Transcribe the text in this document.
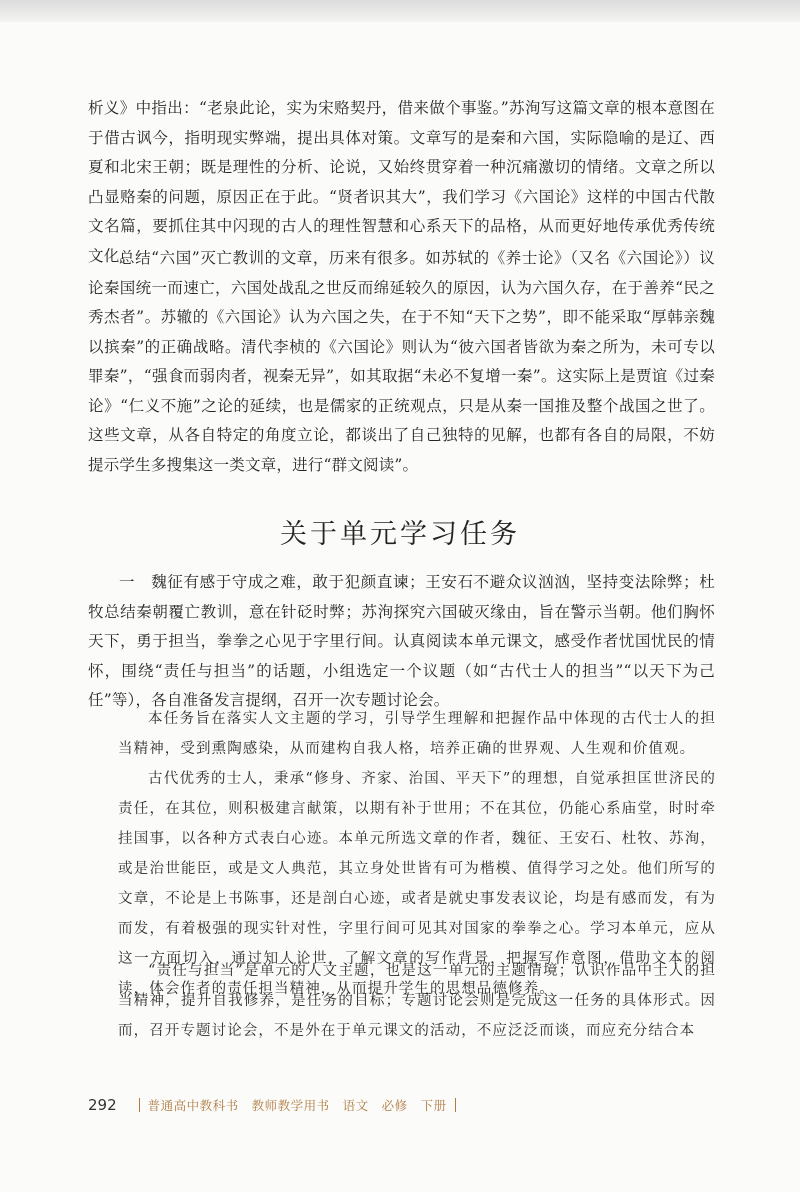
析义》中指出：“老泉此论，实为宋赂契丹，借来做个事鉴。”苏洵写这篇文章的根本意图在于借古讽今，指明现实弊端，提出具体对策。文章写的是秦和六国，实际隐喻的是辽、西夏和北宋王朝；既是理性的分析、论说，又始终贯穿着一种沉痛激切的情绪。文章之所以凸显赂秦的问题，原因正在于此。“贤者识其大”，我们学习《六国论》这样的中国古代散文名篇，要抓住其中闪现的古人的理性智慧和心系天下的品格，从而更好地传承优秀传统文化。

总结“六国”灭亡教训的文章，历来有很多。如苏轼的《养士论》（又名《六国论》）议论秦国统一而速亡，六国处战乱之世反而绵延较久的原因，认为六国久存，在于善养“民之秀杰者”。苏辙的《六国论》认为六国之失，在于不知“天下之势”，即不能采取“厚韩亲魏以摈秦”的正确战略。清代李桢的《六国论》则认为“彼六国者皆欲为秦之所为，未可专以罪秦”，“强食而弱肉者，视秦无异”，如其取据“未必不复增一秦”。这实际上是贾谊《过秦论》“仁义不施”之论的延续，也是儒家的正统观点，只是从秦一国推及整个战国之世了。这些文章，从各自特定的角度立论，都谈出了自己独特的见解，也都有各自的局限，不妨提示学生多搜集这一类文章，进行“群文阅读”。

关于单元学习任务

一　魏征有感于守成之难，敢于犯颜直谏；王安石不避众议汹汹，坚持变法除弊；杜牧总结秦朝覆亡教训，意在针砭时弊；苏洵探究六国破灭缘由，旨在警示当朝。他们胸怀天下，勇于担当，拳拳之心见于字里行间。认真阅读本单元课文，感受作者忧国忧民的情怀，围绕“责任与担当”的话题，小组选定一个议题（如“古代士人的担当”“以天下为己任”等），各自准备发言提纲，召开一次专题讨论会。

本任务旨在落实人文主题的学习，引导学生理解和把握作品中体现的古代士人的担当精神，受到熏陶感染，从而建构自我人格，培养正确的世界观、人生观和价值观。

古代优秀的士人，秉承“修身、齐家、治国、平天下”的理想，自觉承担匡世济民的责任，在其位，则积极建言献策，以期有补于世用；不在其位，仍能心系庙堂，时时牵挂国事，以各种方式表白心迹。本单元所选文章的作者，魏征、王安石、杜牧、苏洵，或是治世能臣，或是文人典范，其立身处世皆有可为楷模、值得学习之处。他们所写的文章，不论是上书陈事，还是剖白心迹，或者是就史事发表议论，均是有感而发，有为而发，有着极强的现实针对性，字里行间可见其对国家的拳拳之心。学习本单元，应从这一方面切入，通过知人论世，了解文章的写作背景，把握写作意图，借助文本的阅读，体会作者的责任担当精神，从而提升学生的思想品德修养。

“责任与担当”是单元的人文主题，也是这一单元的主题情境；认识作品中士人的担当精神，提升自我修养，是任务的目标；专题讨论会则是完成这一任务的具体形式。因而，召开专题讨论会，不是外在于单元课文的活动，不应泛泛而谈，而应充分结合本

292 普通高中教科书　教师教学用书　语文　必修　下册
